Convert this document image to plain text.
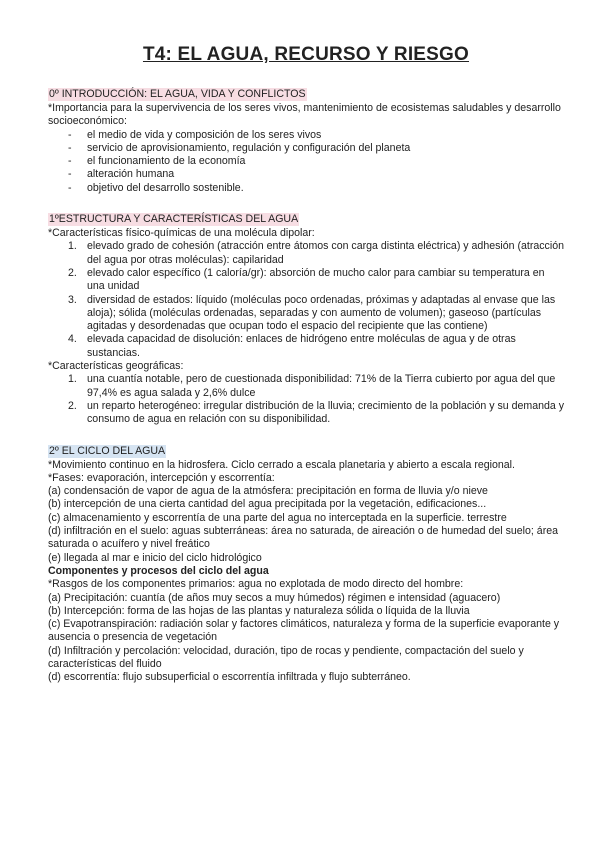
T4: EL AGUA, RECURSO Y RIESGO
0º INTRODUCCIÓN: EL AGUA, VIDA Y CONFLICTOS

*Importancia para la supervivencia de los seres vivos, mantenimiento de ecosistemas saludables y desarrollo socioeconómico:

- el medio de vida y composición de los seres vivos
- servicio de aprovisionamiento, regulación y configuración del planeta
- el funcionamiento de la economía
- alteración humana
- objetivo del desarrollo sostenible.
1ºESTRUCTURA Y CARACTERÍSTICAS DEL AGUA

*Características físico-químicas de una molécula dipolar:

1. elevado grado de cohesión (atracción entre átomos con carga distinta eléctrica) y adhesión (atracción del agua por otras moléculas): capilaridad
2. elevado calor específico (1 caloría/gr): absorción de mucho calor para cambiar su temperatura en una unidad
3. diversidad de estados: líquido (moléculas poco ordenadas, próximas y adaptadas al envase que las aloja); sólida (moléculas ordenadas, separadas y con aumento de volumen); gaseoso (partículas agitadas y desordenadas que ocupan todo el espacio del recipiente que las contiene)
4. elevada capacidad de disolución: enlaces de hidrógeno entre moléculas de agua y de otras sustancias.

*Características geográficas:

1. una cuantía notable, pero de cuestionada disponibilidad: 71% de la Tierra cubierto por agua del que 97,4% es agua salada y 2,6% dulce
2. un reparto heterogéneo: irregular distribución de la lluvia; crecimiento de la población y su demanda y consumo de agua en relación con su disponibilidad.
2º EL CICLO DEL AGUA

*Movimiento continuo en la hidrosfera. Ciclo cerrado a escala planetaria y abierto a escala regional.

*Fases: evaporación, intercepción y escorrentía:

(a) condensación de vapor de agua de la atmósfera: precipitación en forma de lluvia y/o nieve

(b) intercepción de una cierta cantidad del agua precipitada por la vegetación, edificaciones...

(c) almacenamiento y escorrentía de una parte del agua no interceptada en la superficie. terrestre

(d) infiltración en el suelo: aguas subterráneas: área no saturada, de aireación o de humedad del suelo; área saturada o acuífero y nivel freático

(e) llegada al mar e inicio del ciclo hidrológico

Componentes y procesos del ciclo del agua

*Rasgos de los componentes primarios: agua no explotada de modo directo del hombre:

(a) Precipitación: cuantía (de años muy secos a muy húmedos) régimen e intensidad (aguacero)

(b) Intercepción: forma de las hojas de las plantas y naturaleza sólida o líquida de la lluvia

(c) Evapotranspiración: radiación solar y factores climáticos, naturaleza y forma de la superficie evaporante y ausencia o presencia de vegetación

(d) Infiltración y percolación: velocidad, duración, tipo de rocas y pendiente, compactación del suelo y características del fluido

(d) escorrentía: flujo subsuperficial o escorrentía infiltrada y flujo subterráneo.
